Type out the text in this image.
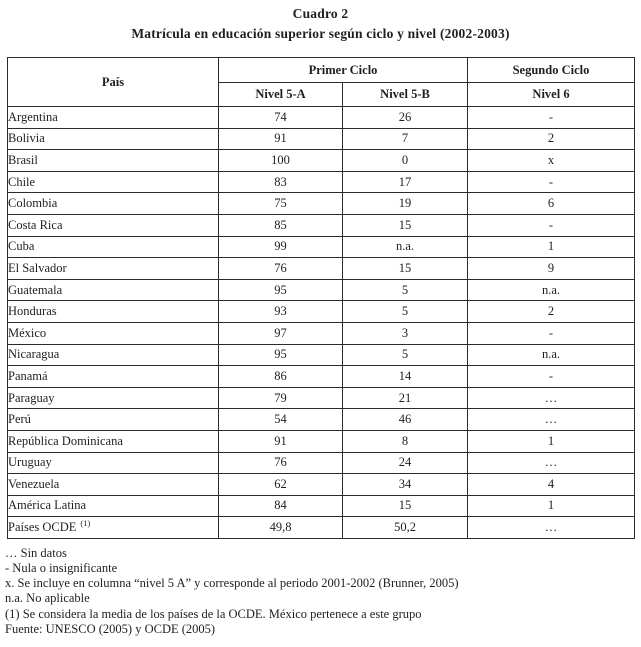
Cuadro 2
Matrícula en educación superior según ciclo y nivel (2002-2003)
País	Primer Ciclo		Segundo Ciclo
	Nivel 5-A	Nivel 5-B	Nivel 6
Argentina	74	26	-
Bolivia	91	7	2
Brasil	100	0	x
Chile	83	17	-
Colombia	75	19	6
Costa Rica	85	15	-
Cuba	99	n.a.	1
El Salvador	76	15	9
Guatemala	95	5	n.a.
Honduras	93	5	2
México	97	3	-
Nicaragua	95	5	n.a.
Panamá	86	14	-
Paraguay	79	21	…
Perú	54	46	…
República Dominicana	91	8	1
Uruguay	76	24	…
Venezuela	62	34	4
América Latina	84	15	1
Países OCDE $^{(1)}$	49,8	50,2	…
… Sin datos
- Nula o insignificante
x. Se incluye en columna “nivel 5 A” y corresponde al periodo 2001-2002 (Brunner, 2005)
n.a. No aplicable
(1) Se considera la media de los países de la OCDE. México pertenece a este grupo
Fuente: UNESCO (2005) y OCDE (2005)
